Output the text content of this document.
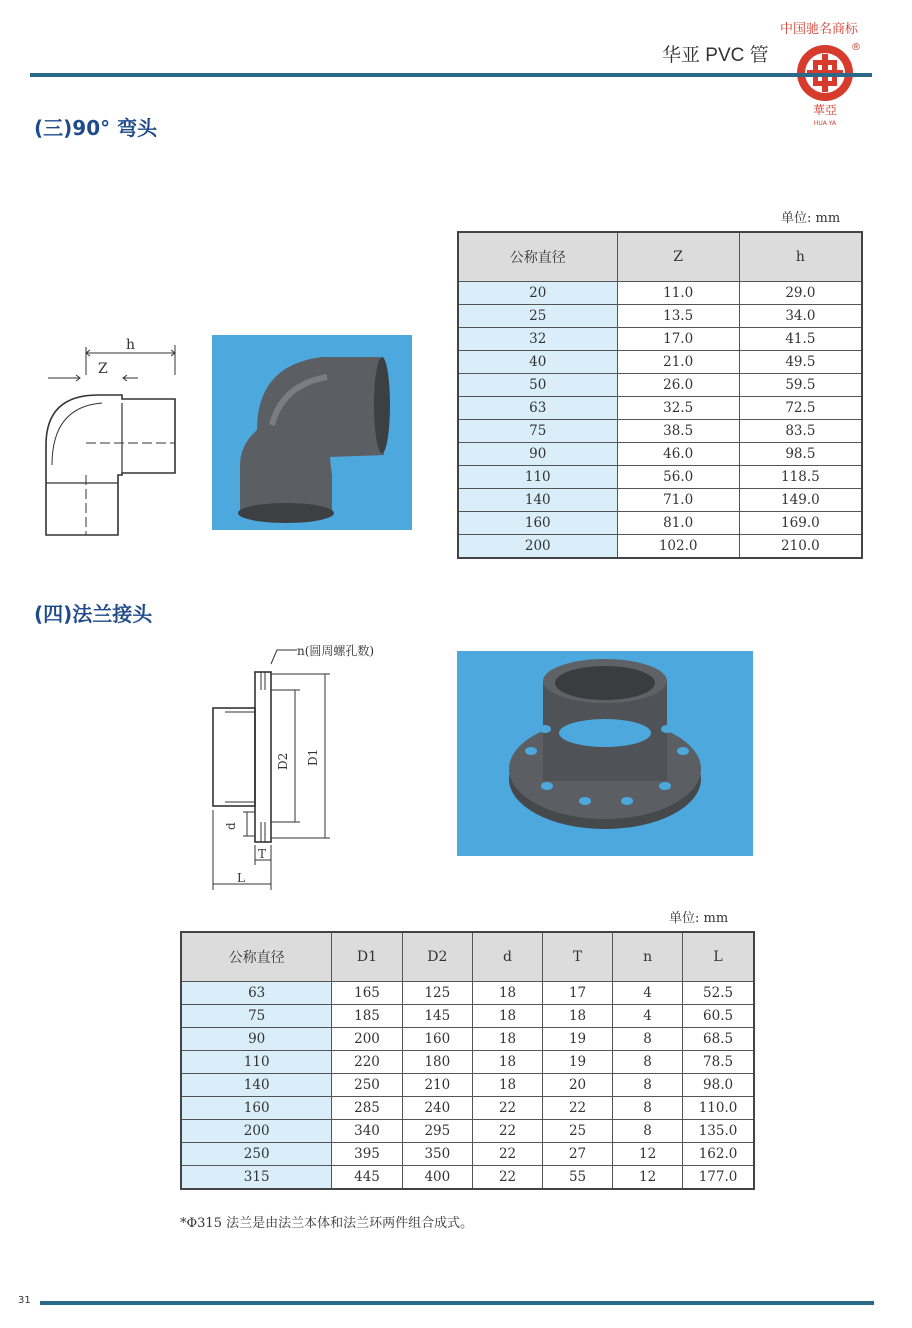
华亚 PVC 管
中国驰名商标
®
華亞
HUA YA
(三)90° 弯头
h
Z
单位: mm
公称直径	Z	h
20	11.0	29.0
25	13.5	34.0
32	17.0	41.5
40	21.0	49.5
50	26.0	59.5
63	32.5	72.5
75	38.5	83.5
90	46.0	98.5
110	56.0	118.5
140	71.0	149.0
160	81.0	169.0
200	102.0	210.0
(四)法兰接头
n(圆周螺孔数)
D2 D1
d
T
L
单位: mm
公称直径	D1	D2	d	T	n	L
63	165	125	18	17	4	52.5
75	185	145	18	18	4	60.5
90	200	160	18	19	8	68.5
110	220	180	18	19	8	78.5
140	250	210	18	20	8	98.0
160	285	240	22	22	8	110.0
200	340	295	22	25	8	135.0
250	395	350	22	27	12	162.0
315	445	400	22	55	12	177.0
*Φ315 法兰是由法兰本体和法兰环两件组合成式。
31
